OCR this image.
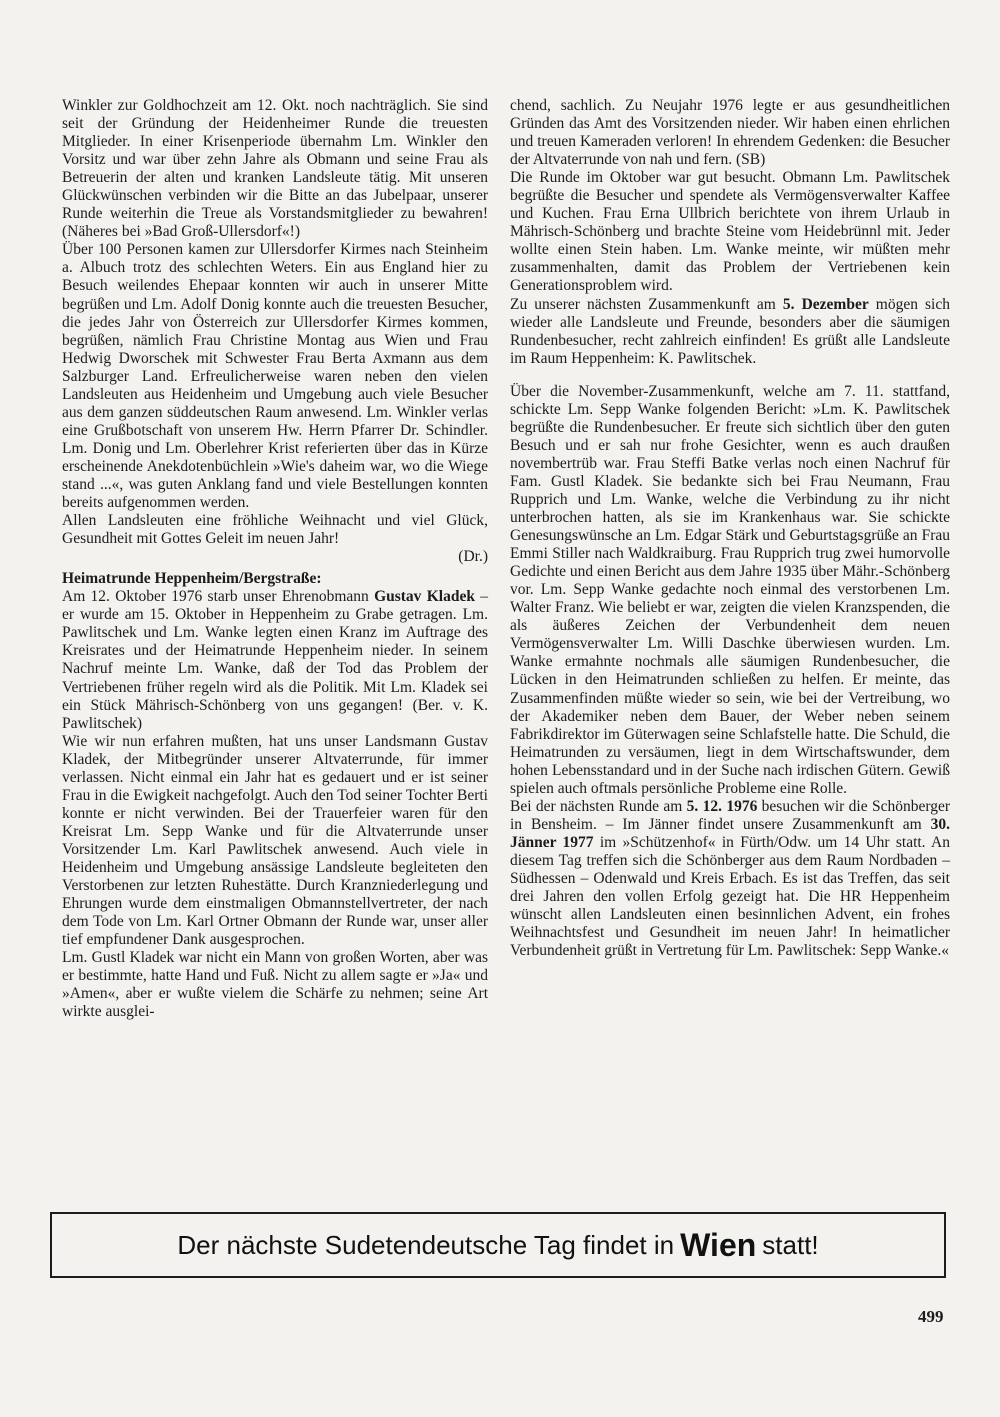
Winkler zur Goldhochzeit am 12. Okt. noch nachträglich. Sie sind seit der Gründung der Heidenheimer Runde die treuesten Mitglieder. In einer Krisenperiode übernahm Lm. Winkler den Vorsitz und war über zehn Jahre als Obmann und seine Frau als Betreuerin der alten und kranken Landsleute tätig. Mit unseren Glückwünschen verbinden wir die Bitte an das Jubelpaar, unserer Runde weiterhin die Treue als Vorstandsmitglieder zu bewahren! (Näheres bei »Bad Groß-Ullersdorf«!)

Über 100 Personen kamen zur Ullersdorfer Kirmes nach Steinheim a. Albuch trotz des schlechten Weters. Ein aus England hier zu Besuch weilendes Ehepaar konnten wir auch in unserer Mitte begrüßen und Lm. Adolf Donig konnte auch die treuesten Besucher, die jedes Jahr von Österreich zur Ullersdorfer Kirmes kommen, begrüßen, nämlich Frau Christine Montag aus Wien und Frau Hedwig Dworschek mit Schwester Frau Berta Axmann aus dem Salzburger Land. Erfreulicherweise waren neben den vielen Landsleuten aus Heidenheim und Umgebung auch viele Besucher aus dem ganzen süddeutschen Raum anwesend. Lm. Winkler verlas eine Grußbotschaft von unserem Hw. Herrn Pfarrer Dr. Schindler. Lm. Donig und Lm. Oberlehrer Krist referierten über das in Kürze erscheinende Anekdotenbüchlein »Wie's daheim war, wo die Wiege stand ...«, was guten Anklang fand und viele Bestellungen konnten bereits aufgenommen werden.

Allen Landsleuten eine fröhliche Weihnacht und viel Glück, Gesundheit mit Gottes Geleit im neuen Jahr!

(Dr.)

Heimatrunde Heppenheim/Bergstraße:

Am 12. Oktober 1976 starb unser Ehrenobmann Gustav Kladek – er wurde am 15. Oktober in Heppenheim zu Grabe getragen. Lm. Pawlitschek und Lm. Wanke legten einen Kranz im Auftrage des Kreisrates und der Heimatrunde Heppenheim nieder. In seinem Nachruf meinte Lm. Wanke, daß der Tod das Problem der Vertriebenen früher regeln wird als die Politik. Mit Lm. Kladek sei ein Stück Mährisch-Schönberg von uns gegangen! (Ber. v. K. Pawlitschek)

Wie wir nun erfahren mußten, hat uns unser Landsmann Gustav Kladek, der Mitbegründer unserer Altvaterrunde, für immer verlassen. Nicht einmal ein Jahr hat es gedauert und er ist seiner Frau in die Ewigkeit nachgefolgt. Auch den Tod seiner Tochter Berti konnte er nicht verwinden. Bei der Trauerfeier waren für den Kreisrat Lm. Sepp Wanke und für die Altvaterrunde unser Vorsitzender Lm. Karl Pawlitschek anwesend. Auch viele in Heidenheim und Umgebung ansässige Landsleute begleiteten den Verstorbenen zur letzten Ruhestätte. Durch Kranzniederlegung und Ehrungen wurde dem einstmaligen Obmannstellvertreter, der nach dem Tode von Lm. Karl Ortner Obmann der Runde war, unser aller tief empfundener Dank ausgesprochen.

Lm. Gustl Kladek war nicht ein Mann von großen Worten, aber was er bestimmte, hatte Hand und Fuß. Nicht zu allem sagte er »Ja« und »Amen«, aber er wußte vielem die Schärfe zu nehmen; seine Art wirkte ausglei-

chend, sachlich. Zu Neujahr 1976 legte er aus gesundheitlichen Gründen das Amt des Vorsitzenden nieder. Wir haben einen ehrlichen und treuen Kameraden verloren! In ehrendem Gedenken: die Besucher der Altvaterrunde von nah und fern. (SB)

Die Runde im Oktober war gut besucht. Obmann Lm. Pawlitschek begrüßte die Besucher und spendete als Vermögensverwalter Kaffee und Kuchen. Frau Erna Ullbrich berichtete von ihrem Urlaub in Mährisch-Schönberg und brachte Steine vom Heidebrünnl mit. Jeder wollte einen Stein haben. Lm. Wanke meinte, wir müßten mehr zusammenhalten, damit das Problem der Vertriebenen kein Generationsproblem wird.

Zu unserer nächsten Zusammenkunft am 5. Dezember mögen sich wieder alle Landsleute und Freunde, besonders aber die säumigen Rundenbesucher, recht zahlreich einfinden! Es grüßt alle Landsleute im Raum Heppenheim: K. Pawlitschek.

Über die November-Zusammenkunft, welche am 7. 11. stattfand, schickte Lm. Sepp Wanke folgenden Bericht: »Lm. K. Pawlitschek begrüßte die Rundenbesucher. Er freute sich sichtlich über den guten Besuch und er sah nur frohe Gesichter, wenn es auch draußen novembertrüb war. Frau Steffi Batke verlas noch einen Nachruf für Fam. Gustl Kladek. Sie bedankte sich bei Frau Neumann, Frau Rupprich und Lm. Wanke, welche die Verbindung zu ihr nicht unterbrochen hatten, als sie im Krankenhaus war. Sie schickte Genesungswünsche an Lm. Edgar Stärk und Geburtstagsgrüße an Frau Emmi Stiller nach Waldkraiburg. Frau Rupprich trug zwei humorvolle Gedichte und einen Bericht aus dem Jahre 1935 über Mähr.-Schönberg vor. Lm. Sepp Wanke gedachte noch einmal des verstorbenen Lm. Walter Franz. Wie beliebt er war, zeigten die vielen Kranzspenden, die als äußeres Zeichen der Verbundenheit dem neuen Vermögensverwalter Lm. Willi Daschke überwiesen wurden. Lm. Wanke ermahnte nochmals alle säumigen Rundenbesucher, die Lücken in den Heimatrunden schließen zu helfen. Er meinte, das Zusammenfinden müßte wieder so sein, wie bei der Vertreibung, wo der Akademiker neben dem Bauer, der Weber neben seinem Fabrikdirektor im Güterwagen seine Schlafstelle hatte. Die Schuld, die Heimatrunden zu versäumen, liegt in dem Wirtschaftswunder, dem hohen Lebensstandard und in der Suche nach irdischen Gütern. Gewiß spielen auch oftmals persönliche Probleme eine Rolle.

Bei der nächsten Runde am 5. 12. 1976 besuchen wir die Schönberger in Bensheim. – Im Jänner findet unsere Zusammenkunft am 30. Jänner 1977 im »Schützenhof« in Fürth/Odw. um 14 Uhr statt. An diesem Tag treffen sich die Schönberger aus dem Raum Nordbaden – Südhessen – Odenwald und Kreis Erbach. Es ist das Treffen, das seit drei Jahren den vollen Erfolg gezeigt hat. Die HR Heppenheim wünscht allen Landsleuten einen besinnlichen Advent, ein frohes Weihnachtsfest und Gesundheit im neuen Jahr! In heimatlicher Verbundenheit grüßt in Vertretung für Lm. Pawlitschek: Sepp Wanke.«

Der nächste Sudetendeutsche Tag findet in Wien statt!
499
